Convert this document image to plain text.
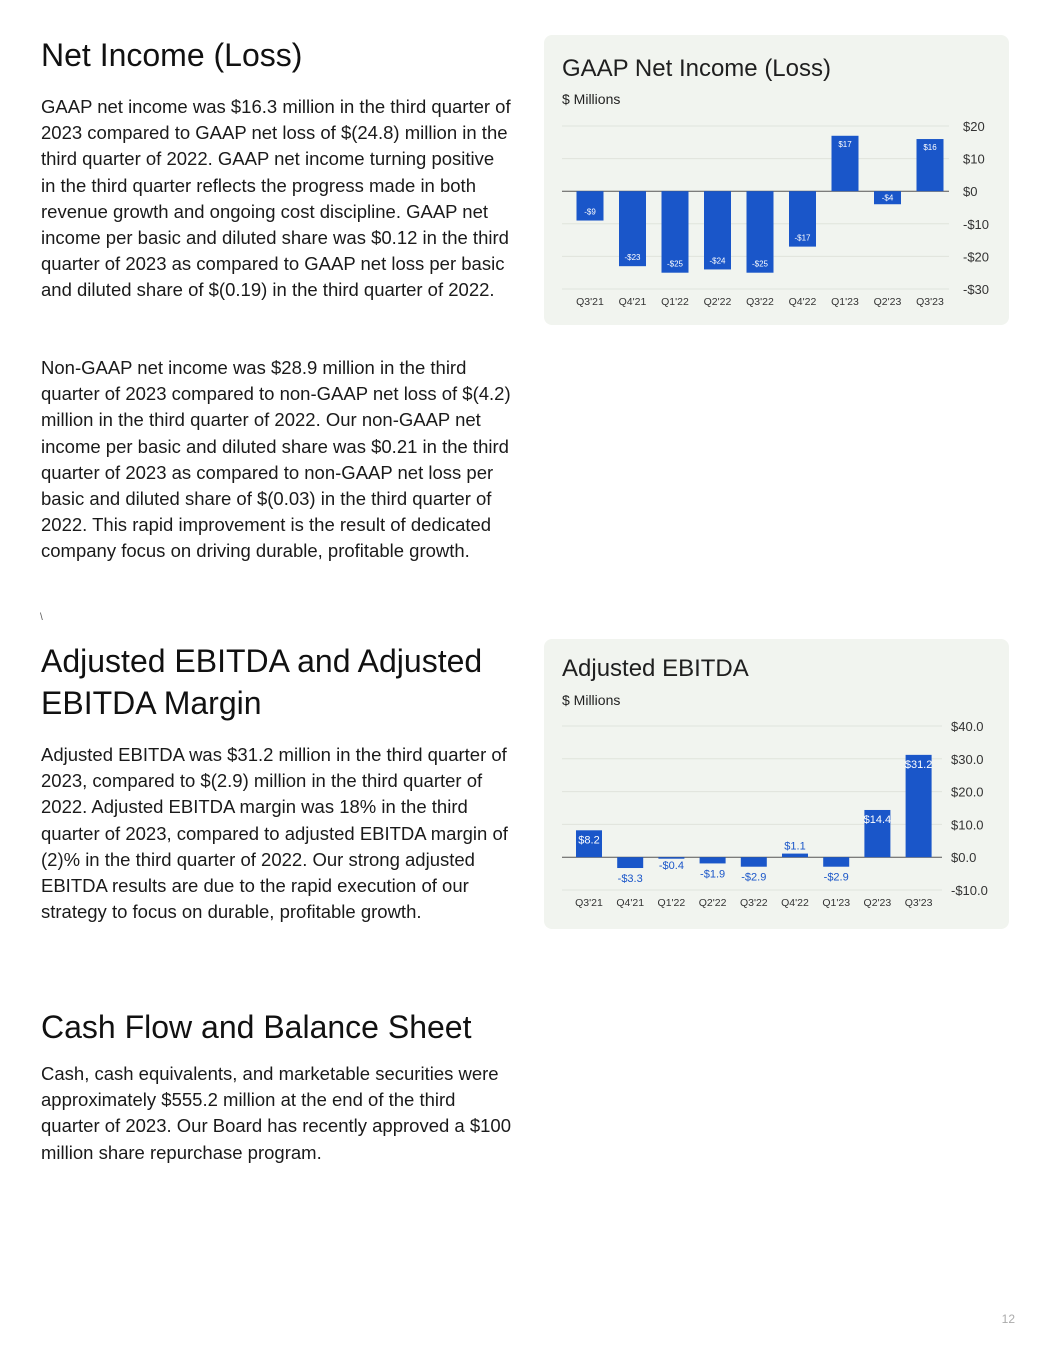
Net Income (Loss)

GAAP net income was $16.3 million in the third quarter of 2023 compared to GAAP net loss of $(24.8) million in the third quarter of 2022. GAAP net income turning positive in the third quarter reflects the progress made in both revenue growth and ongoing cost discipline. GAAP net income per basic and diluted share was $0.12 in the third quarter of 2023 as compared to GAAP net loss per basic and diluted share of $(0.19) in the third quarter of 2022.

Non-GAAP net income was $28.9 million in the third quarter of 2023 compared to non-GAAP net loss of $(4.2) million in the third quarter of 2022. Our non-GAAP net income per basic and diluted share was $0.21 in the third quarter of 2023 as compared to non-GAAP net loss per basic and diluted share of $(0.03) in the third quarter of 2022. This rapid improvement is the result of dedicated company focus on driving durable, profitable growth.

\
Adjusted EBITDA and Adjusted
EBITDA Margin

Adjusted EBITDA was $31.2 million in the third quarter of 2023, compared to $(2.9) million in the third quarter of 2022. Adjusted EBITDA margin was 18% in the third quarter of 2023, compared to adjusted EBITDA margin of (2)% in the third quarter of 2022. Our strong adjusted EBITDA results are due to the rapid execution of our strategy to focus on durable, profitable growth.

Cash Flow and Balance Sheet

Cash, cash equivalents, and marketable securities were approximately $555.2 million at the end of the third quarter of 2023. Our Board has recently approved a $100 million share repurchase program.

GAAP Net Income (Loss)
$ Millions
$20
$10
$0
-$10
-$20
-$30
-$9
Q3'21
-$23
Q4'21
-$25
Q1'22
-$24
Q2'22
-$25
Q3'22
-$17
Q4'22
$17
Q1'23
-$4
Q2'23
$16
Q3'23
Adjusted EBITDA
$ Millions
$40.0
$30.0
$20.0
$10.0
$0.0
-$10.0
$8.2
Q3'21
-$3.3
Q4'21
-$0.4
Q1'22
-$1.9
Q2'22
-$2.9
Q3'22
$1.1
Q4'22
-$2.9
Q1'23
$14.4
Q2'23
$31.2
Q3'23
12
